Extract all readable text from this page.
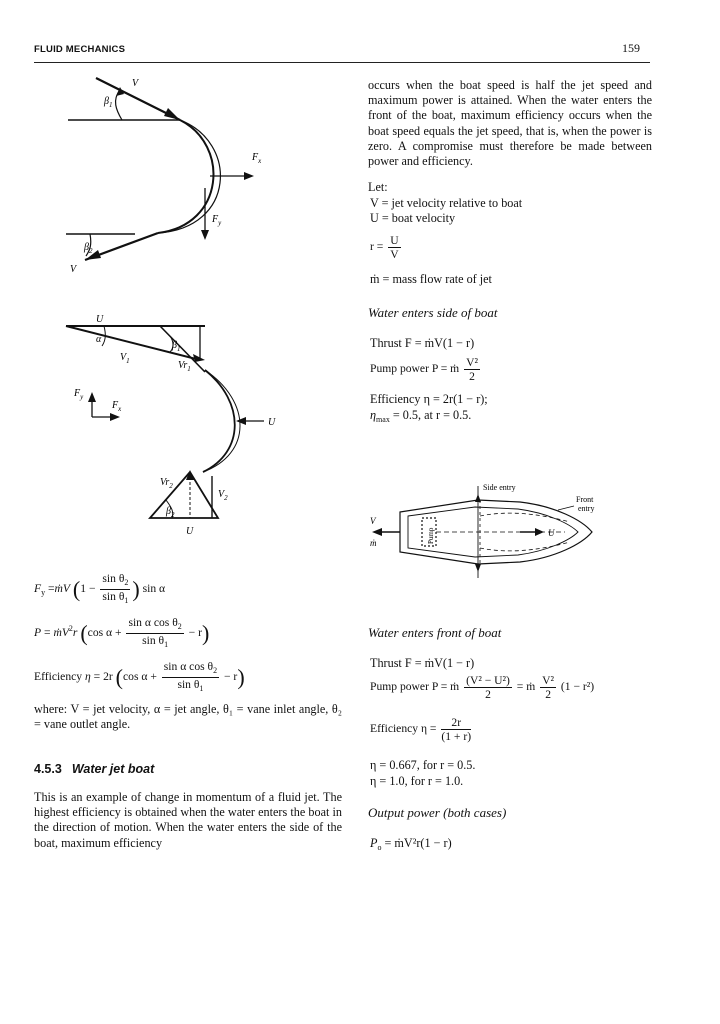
FLUID MECHANICS	159
V
$\beta_1$
$F_x$
$F_y$
$\beta_2$
V
U
α
$\beta_1$
$V_1$	$Vr_1$
$F_y$
$F_x$
U
$Vr_2$
$V_2$
$\beta_2$
U
$F_y$ =ṁV ($1 - \frac{\sin \theta_2}{\sin \theta_1}$ ) sin α
P = ṁV$^2$r (cos $\alpha + \frac{\sin \alpha \cos \theta_2}{\sin \theta_1} - r$)
Efficiency η = 2r (cos $\alpha + \frac{\sin \alpha \cos \theta_2}{\sin \theta_1} - r$)
where: V = jet velocity, α = jet angle, θ₁ = vane inlet angle, θ₂ = vane outlet angle.
4.5.3 Water jet boat
This is an example of change in momentum of a fluid jet. The highest efficiency is obtained when the water enters the boat in the direction of motion. When the water enters the side of the boat, maximum efficiency
occurs when the boat speed is half the jet speed and maximum power is attained. When the water enters the front of the boat, maximum efficiency occurs when the boat speed equals the jet speed, that is, when the power is zero. A compromise must therefore be made between power and efficiency.
Let:
V = jet velocity relative to boat
U = boat velocity
$r = \frac{U}{V}$
ṁ = mass flow rate of jet
Water enters side of boat
Thrust F = ṁV(1 − r)
Pump power P = ṁ $\frac{\text{V²}}{2}$
Efficiency η = 2r(1 − r);
$\eta_{max} = 0.5$, at r = 0.5.
Side entry
Front
entry
V
ṁ
U
Pump
Water enters front of boat
Thrust F = ṁV(1 − r)
Pump power P = ṁ $\frac{\text{(V² − U²)}}{2}$ = ṁ $\frac{\text{V²}}{2} (1 - r^2)$
Efficiency $\eta = \frac{2r}{(1 + r)}$
η = 0.667, for r = 0.5.
η = 1.0, for r = 1.0.
Output power (both cases)
$P_o$ = ṁV²r(1 − r)
